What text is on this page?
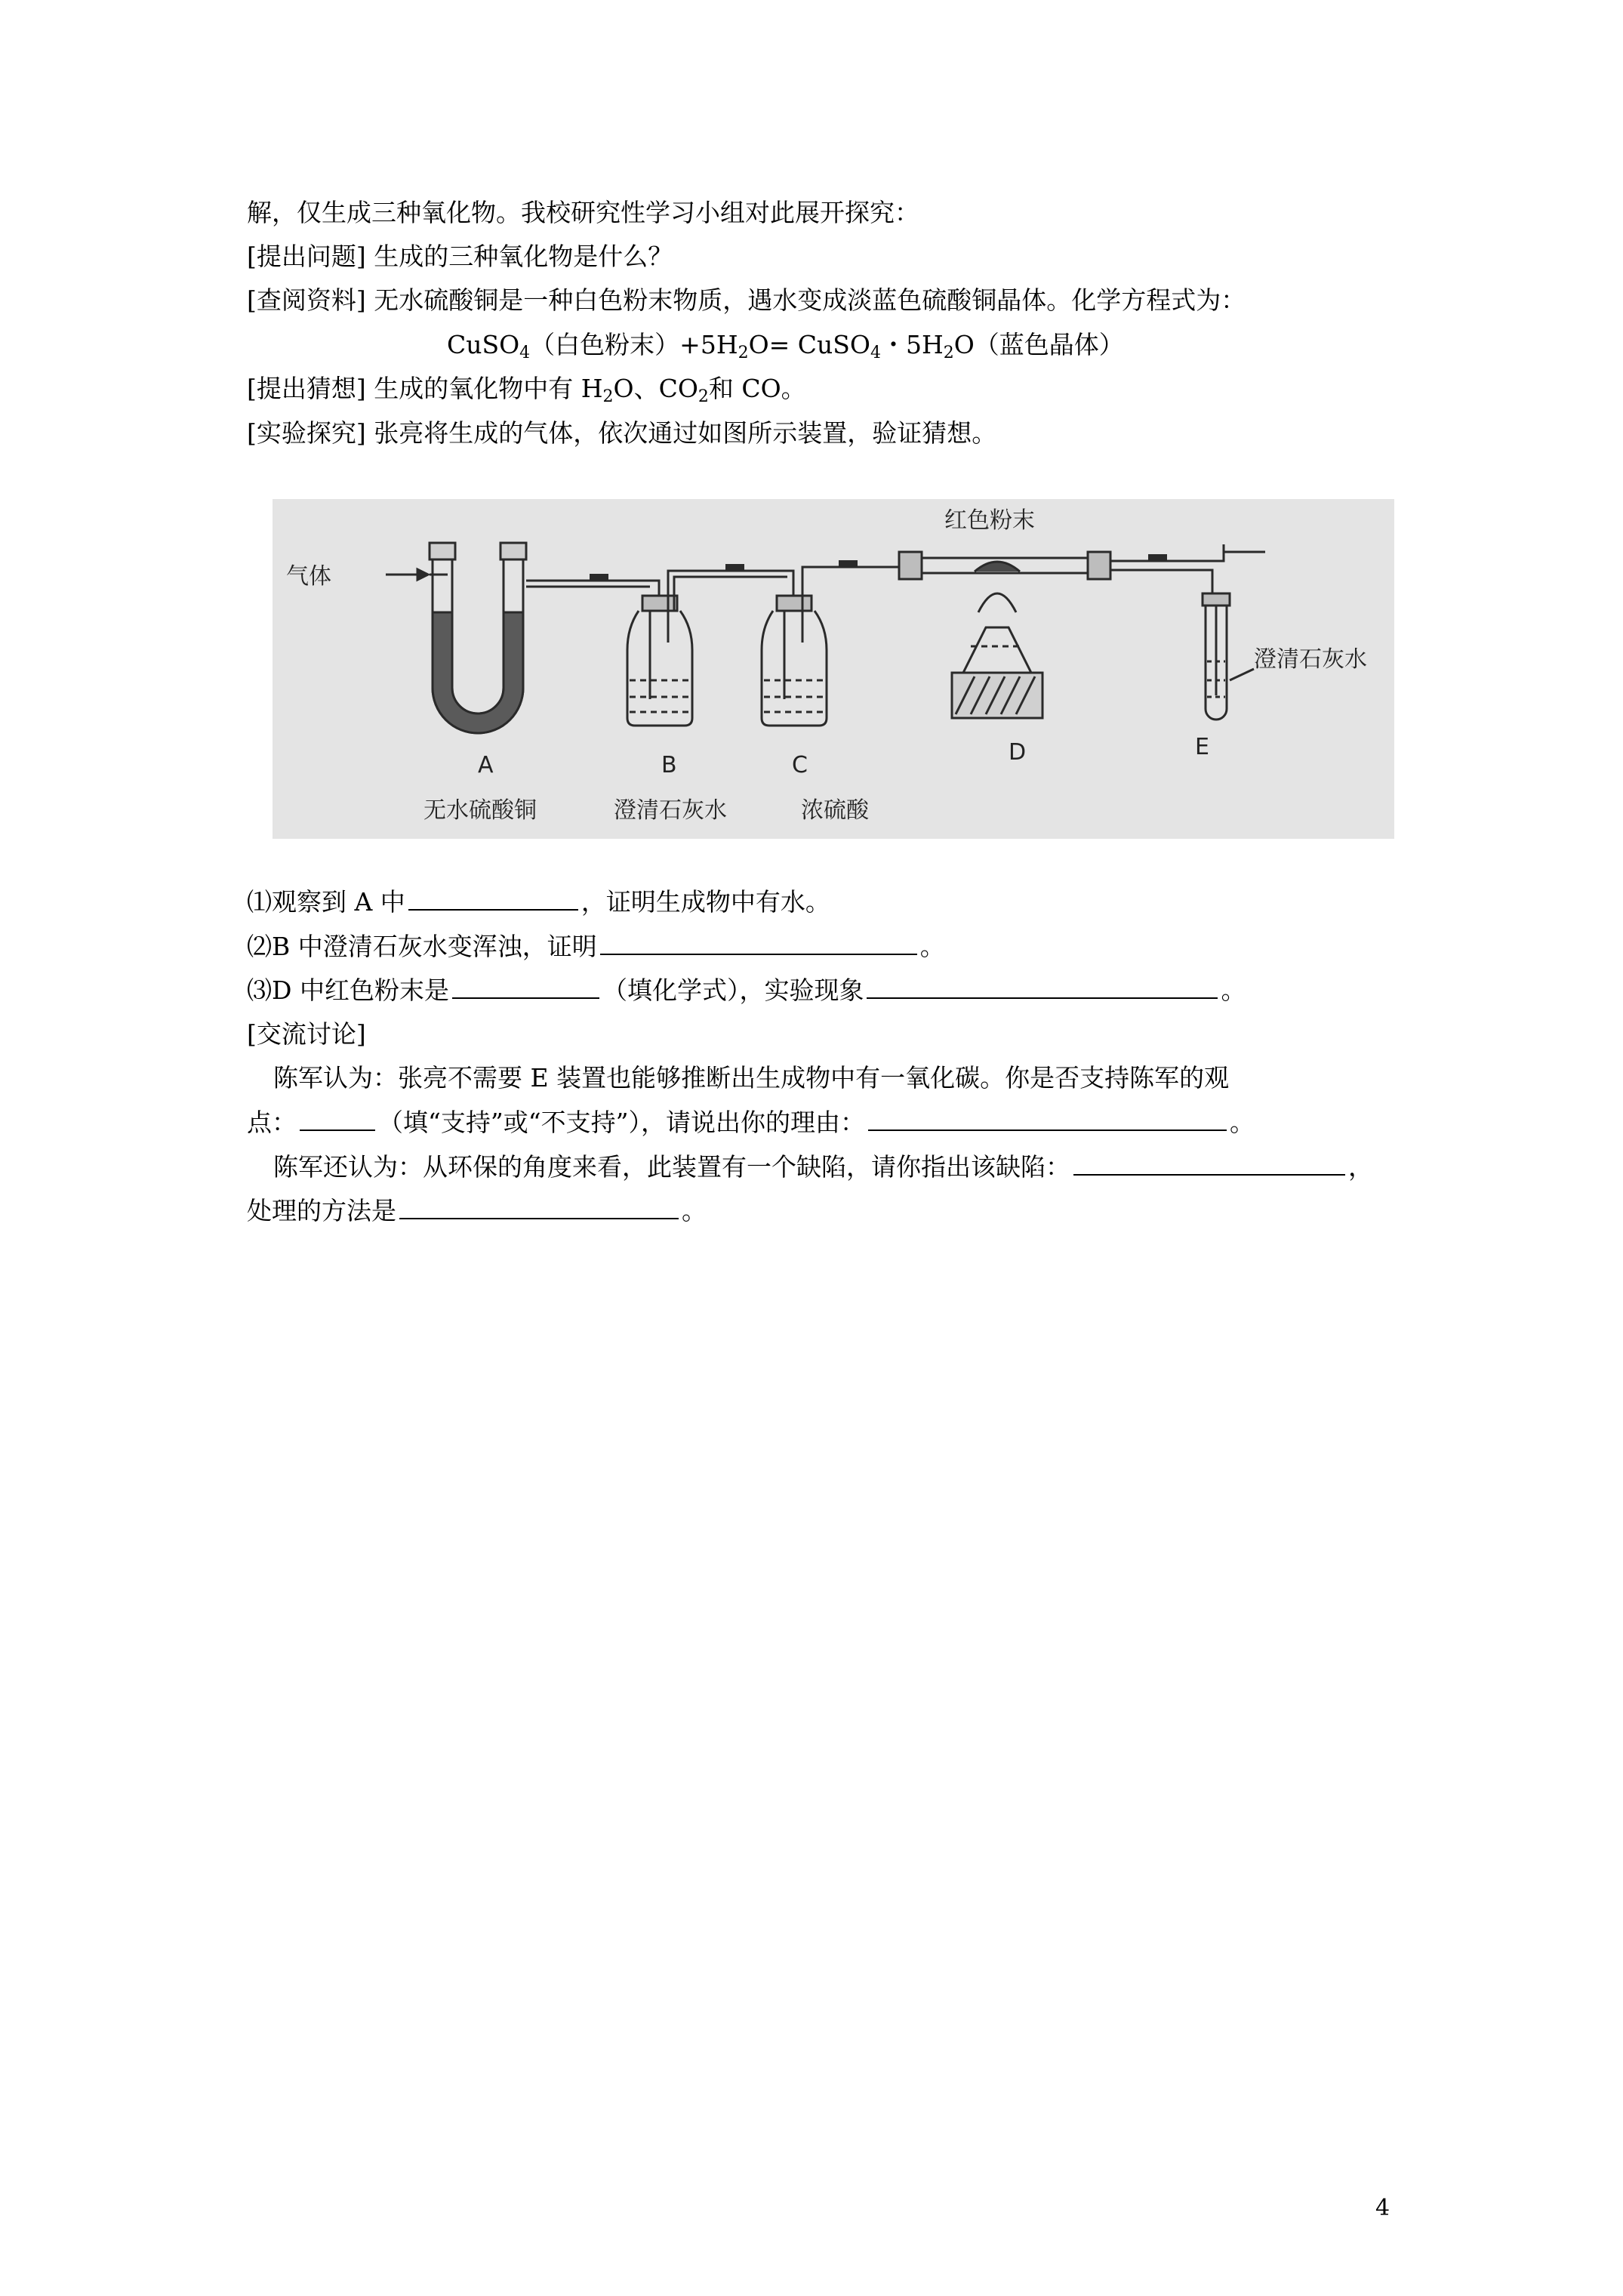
解，仅生成三种氧化物。我校研究性学习小组对此展开探究：
[提出问题] 生成的三种氧化物是什么？
[查阅资料] 无水硫酸铜是一种白色粉末物质，遇水变成淡蓝色硫酸铜晶体。化学方程式为：
CuSO$_4$（白色粉末）$+5H_2O=$ CuSO$_4$・$5H_2O$（蓝色晶体）
[提出猜想] 生成的氧化物中有 $H_2O$、$CO_2$和 CO。
[实验探究] 张亮将生成的气体，依次通过如图所示装置，验证猜想。
气体
红色粉末
澄清石灰水
A	B	C	D	E
无水硫酸铜	澄清石灰水	浓硫酸
⑴观察到 A 中	，证明生成物中有水。
⑵B 中澄清石灰水变浑浊，证明	。
⑶D 中红色粉末是	（填化学式），实验现象	。
[交流讨论]
陈军认为：张亮不需要 E 装置也能够推断出生成物中有一氧化碳。你是否支持陈军的观
点：	（填“支持”或“不支持”），请说出你的理由：	。
陈军还认为：从环保的角度来看，此装置有一个缺陷，请你指出该缺陷：	，
处理的方法是	。
4
